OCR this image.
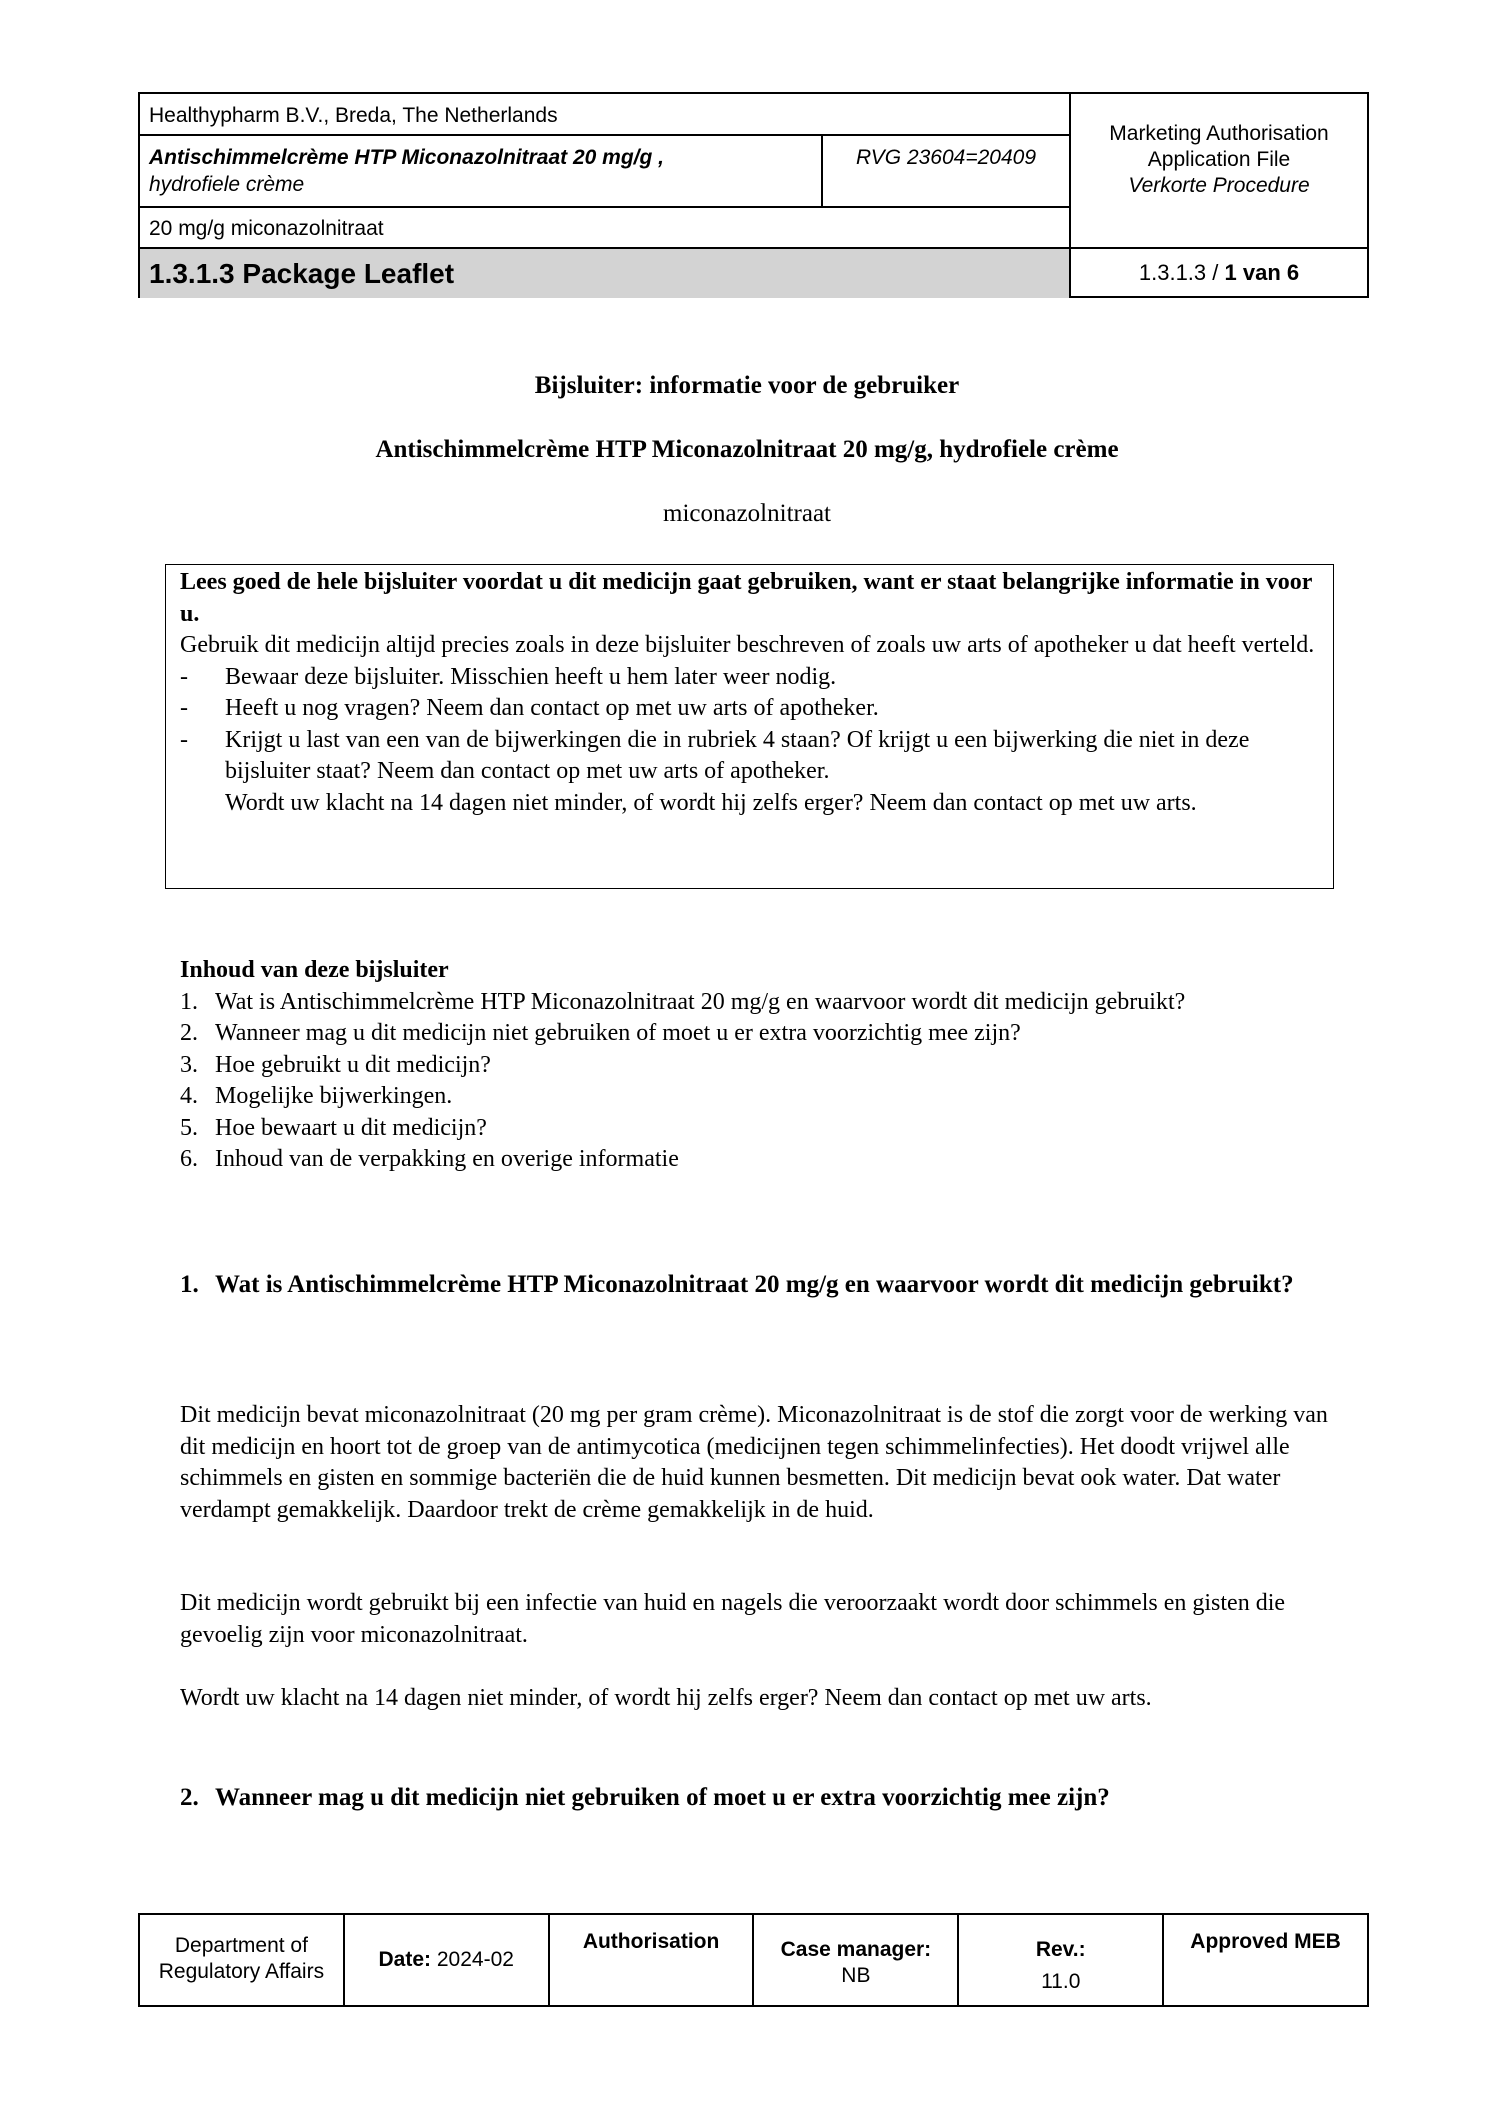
Healthypharm B.V., Breda, The Netherlands
Antischimmelcrème HTP Miconazolnitraat 20 mg/g ,
hydrofiele crème
RVG 23604=20409
20 mg/g miconazolnitraat
Marketing Authorisation
Application File
Verkorte Procedure
1.3.1.3 Package Leaflet	1.3.1.3 / 1 van 6
Bijsluiter: informatie voor de gebruiker
Antischimmelcrème HTP Miconazolnitraat 20 mg/g, hydrofiele crème
miconazolnitraat
Lees goed de hele bijsluiter voordat u dit medicijn gaat gebruiken, want er staat belangrijke informatie in voor u.
Gebruik dit medicijn altijd precies zoals in deze bijsluiter beschreven of zoals uw arts of apotheker u dat heeft verteld.
- Bewaar deze bijsluiter. Misschien heeft u hem later weer nodig.
- Heeft u nog vragen? Neem dan contact op met uw arts of apotheker.
- Krijgt u last van een van de bijwerkingen die in rubriek 4 staan? Of krijgt u een bijwerking die niet in deze bijsluiter staat? Neem dan contact op met uw arts of apotheker.
Wordt uw klacht na 14 dagen niet minder, of wordt hij zelfs erger? Neem dan contact op met uw arts.
Inhoud van deze bijsluiter
1. Wat is Antischimmelcrème HTP Miconazolnitraat 20 mg/g en waarvoor wordt dit medicijn gebruikt?
2. Wanneer mag u dit medicijn niet gebruiken of moet u er extra voorzichtig mee zijn?
3. Hoe gebruikt u dit medicijn?
4. Mogelijke bijwerkingen.
5. Hoe bewaart u dit medicijn?
6. Inhoud van de verpakking en overige informatie
1. Wat is Antischimmelcrème HTP Miconazolnitraat 20 mg/g en waarvoor wordt dit medicijn gebruikt?
Dit medicijn bevat miconazolnitraat (20 mg per gram crème). Miconazolnitraat is de stof die zorgt voor de werking van dit medicijn en hoort tot de groep van de antimycotica (medicijnen tegen schimmelinfecties). Het doodt vrijwel alle schimmels en gisten en sommige bacteriën die de huid kunnen besmetten. Dit medicijn bevat ook water. Dat water verdampt gemakkelijk. Daardoor trekt de crème gemakkelijk in de huid.
Dit medicijn wordt gebruikt bij een infectie van huid en nagels die veroorzaakt wordt door schimmels en gisten die gevoelig zijn voor miconazolnitraat.
Wordt uw klacht na 14 dagen niet minder, of wordt hij zelfs erger? Neem dan contact op met uw arts.
2. Wanneer mag u dit medicijn niet gebruiken of moet u er extra voorzichtig mee zijn?
Department of
Regulatory Affairs
Date: 2024-02
Authorisation	Case manager:
NB
Rev.:
11.0
Approved MEB
